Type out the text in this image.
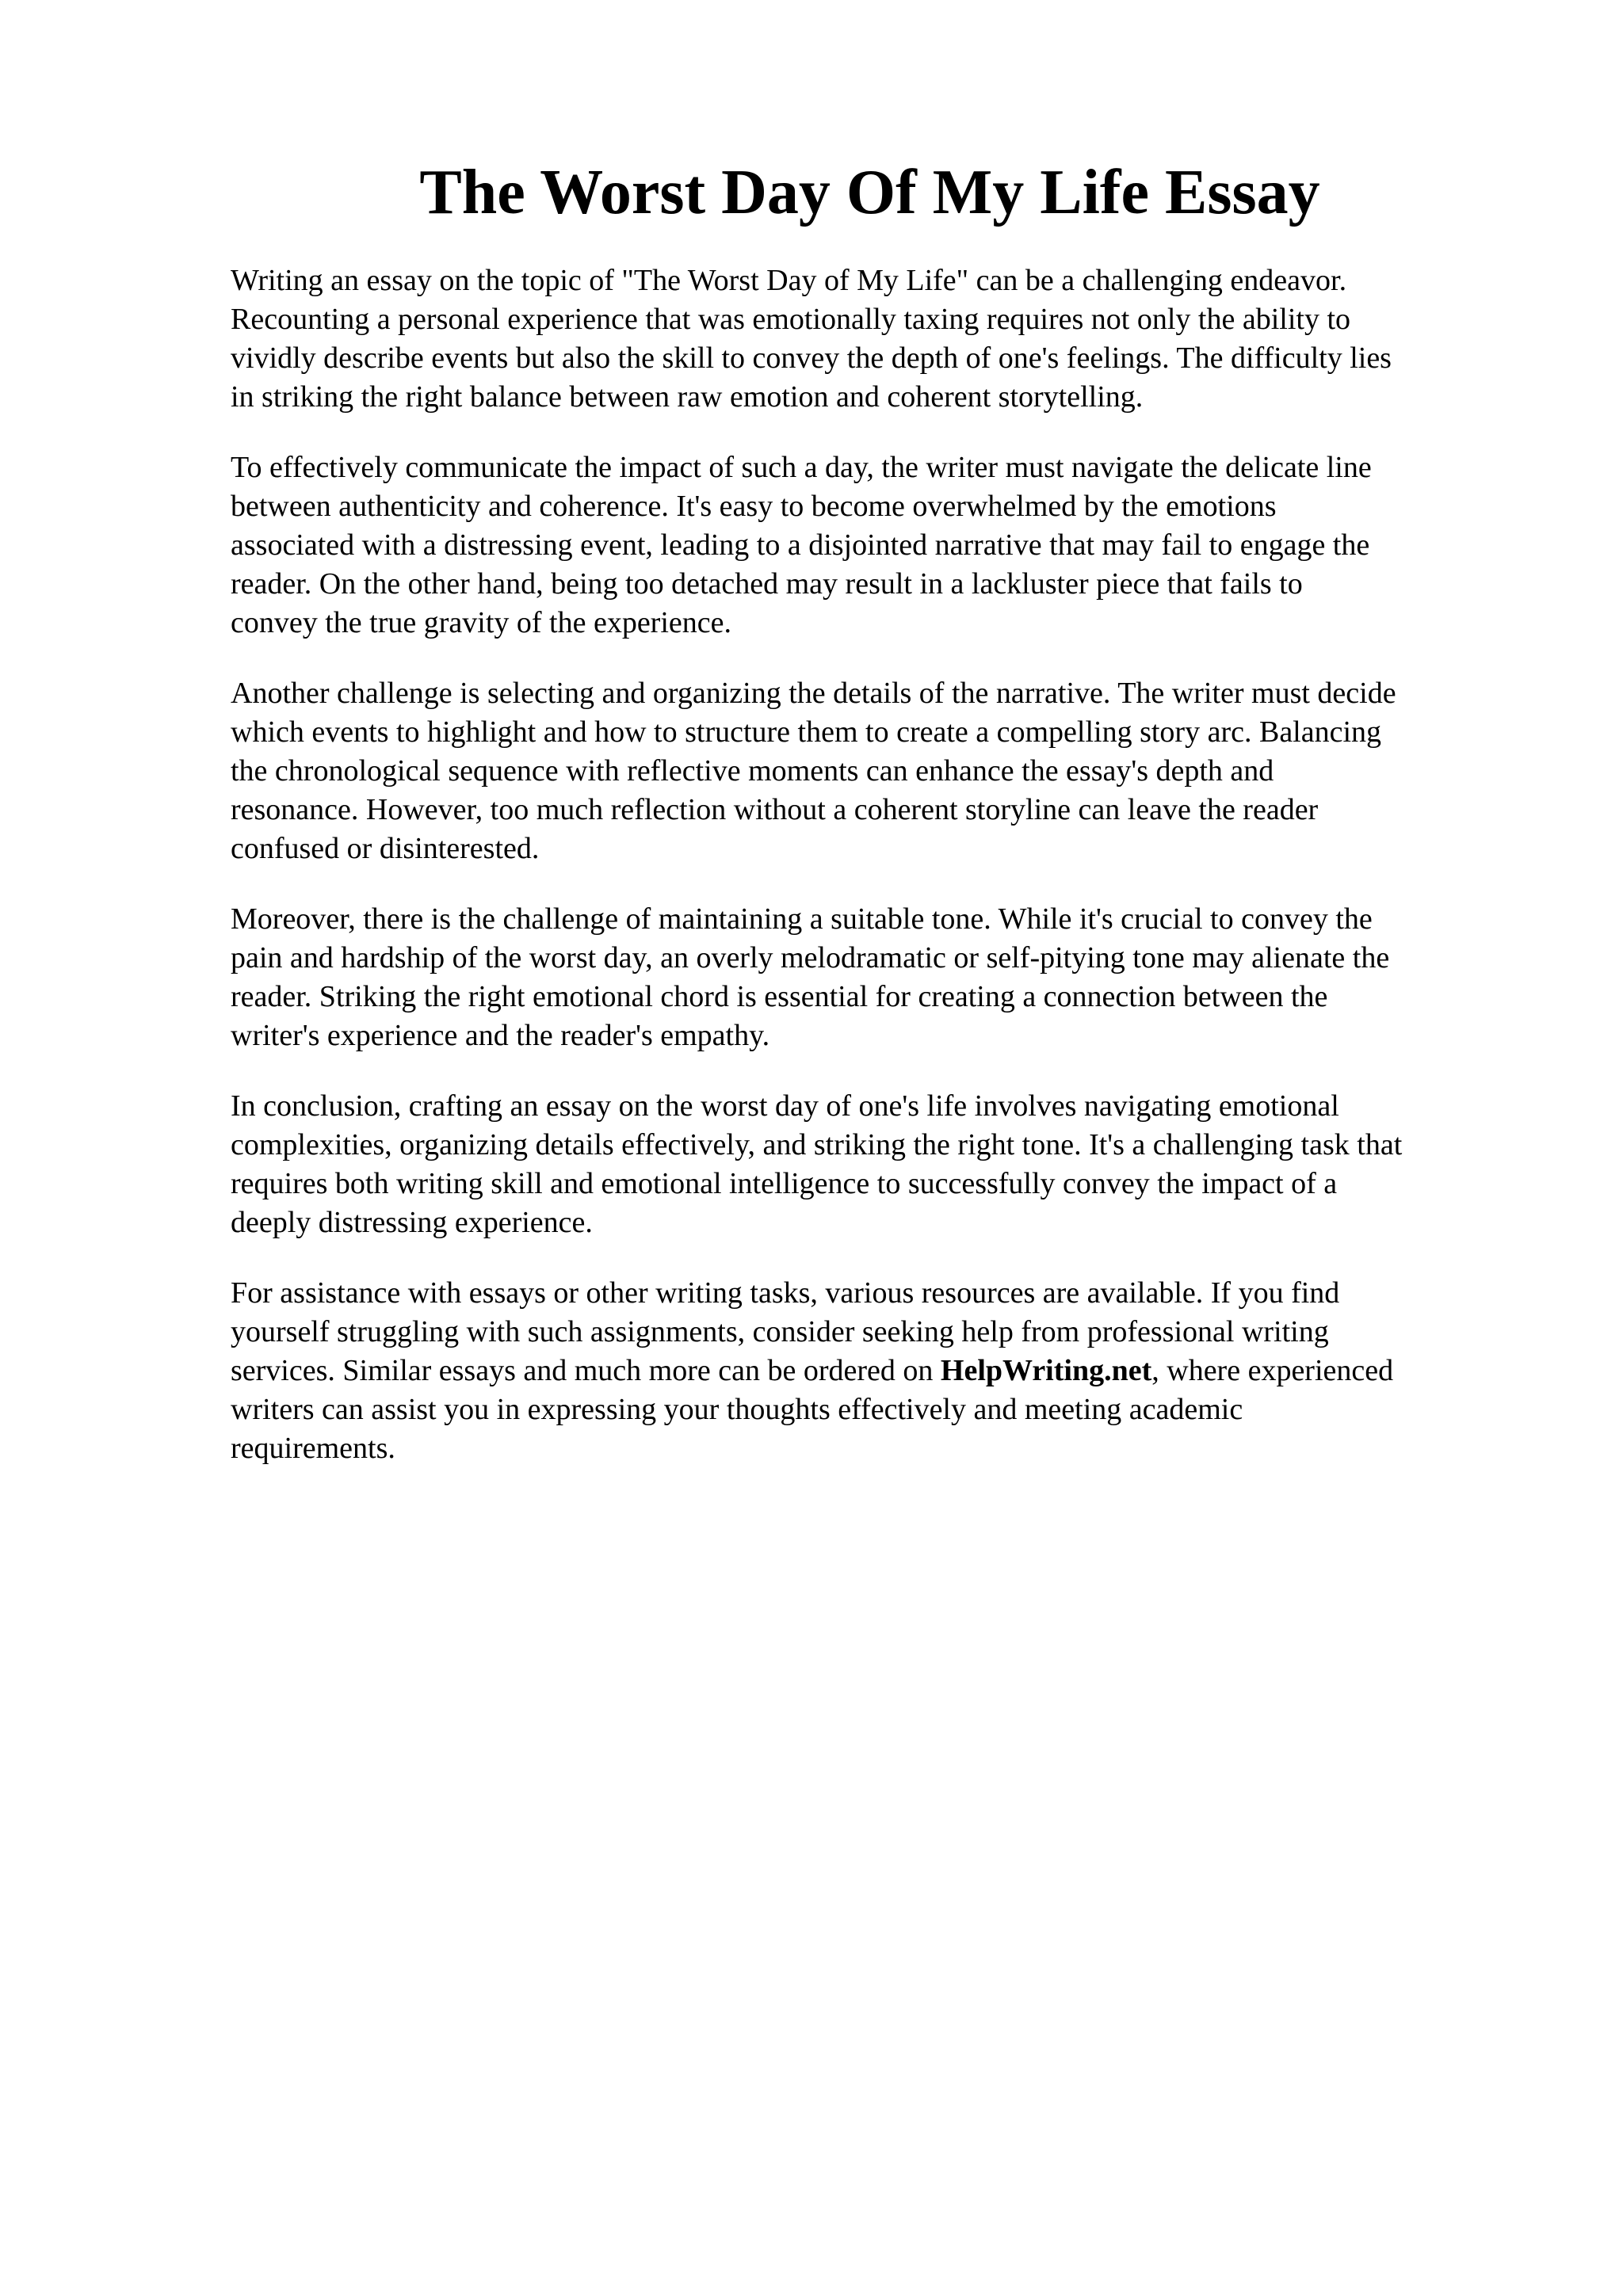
The Worst Day Of My Life Essay

Writing an essay on the topic of "The Worst Day of My Life" can be a challenging endeavor.
Recounting a personal experience that was emotionally taxing requires not only the ability to
vividly describe events but also the skill to convey the depth of one's feelings. The difficulty lies
in striking the right balance between raw emotion and coherent storytelling.

To effectively communicate the impact of such a day, the writer must navigate the delicate line
between authenticity and coherence. It's easy to become overwhelmed by the emotions
associated with a distressing event, leading to a disjointed narrative that may fail to engage the
reader. On the other hand, being too detached may result in a lackluster piece that fails to
convey the true gravity of the experience.

Another challenge is selecting and organizing the details of the narrative. The writer must decide
which events to highlight and how to structure them to create a compelling story arc. Balancing
the chronological sequence with reflective moments can enhance the essay's depth and
resonance. However, too much reflection without a coherent storyline can leave the reader
confused or disinterested.

Moreover, there is the challenge of maintaining a suitable tone. While it's crucial to convey the
pain and hardship of the worst day, an overly melodramatic or self-pitying tone may alienate the
reader. Striking the right emotional chord is essential for creating a connection between the
writer's experience and the reader's empathy.

In conclusion, crafting an essay on the worst day of one's life involves navigating emotional
complexities, organizing details effectively, and striking the right tone. It's a challenging task that
requires both writing skill and emotional intelligence to successfully convey the impact of a
deeply distressing experience.

For assistance with essays or other writing tasks, various resources are available. If you find
yourself struggling with such assignments, consider seeking help from professional writing
services. Similar essays and much more can be ordered on HelpWriting.net, where experienced
writers can assist you in expressing your thoughts effectively and meeting academic
requirements.
